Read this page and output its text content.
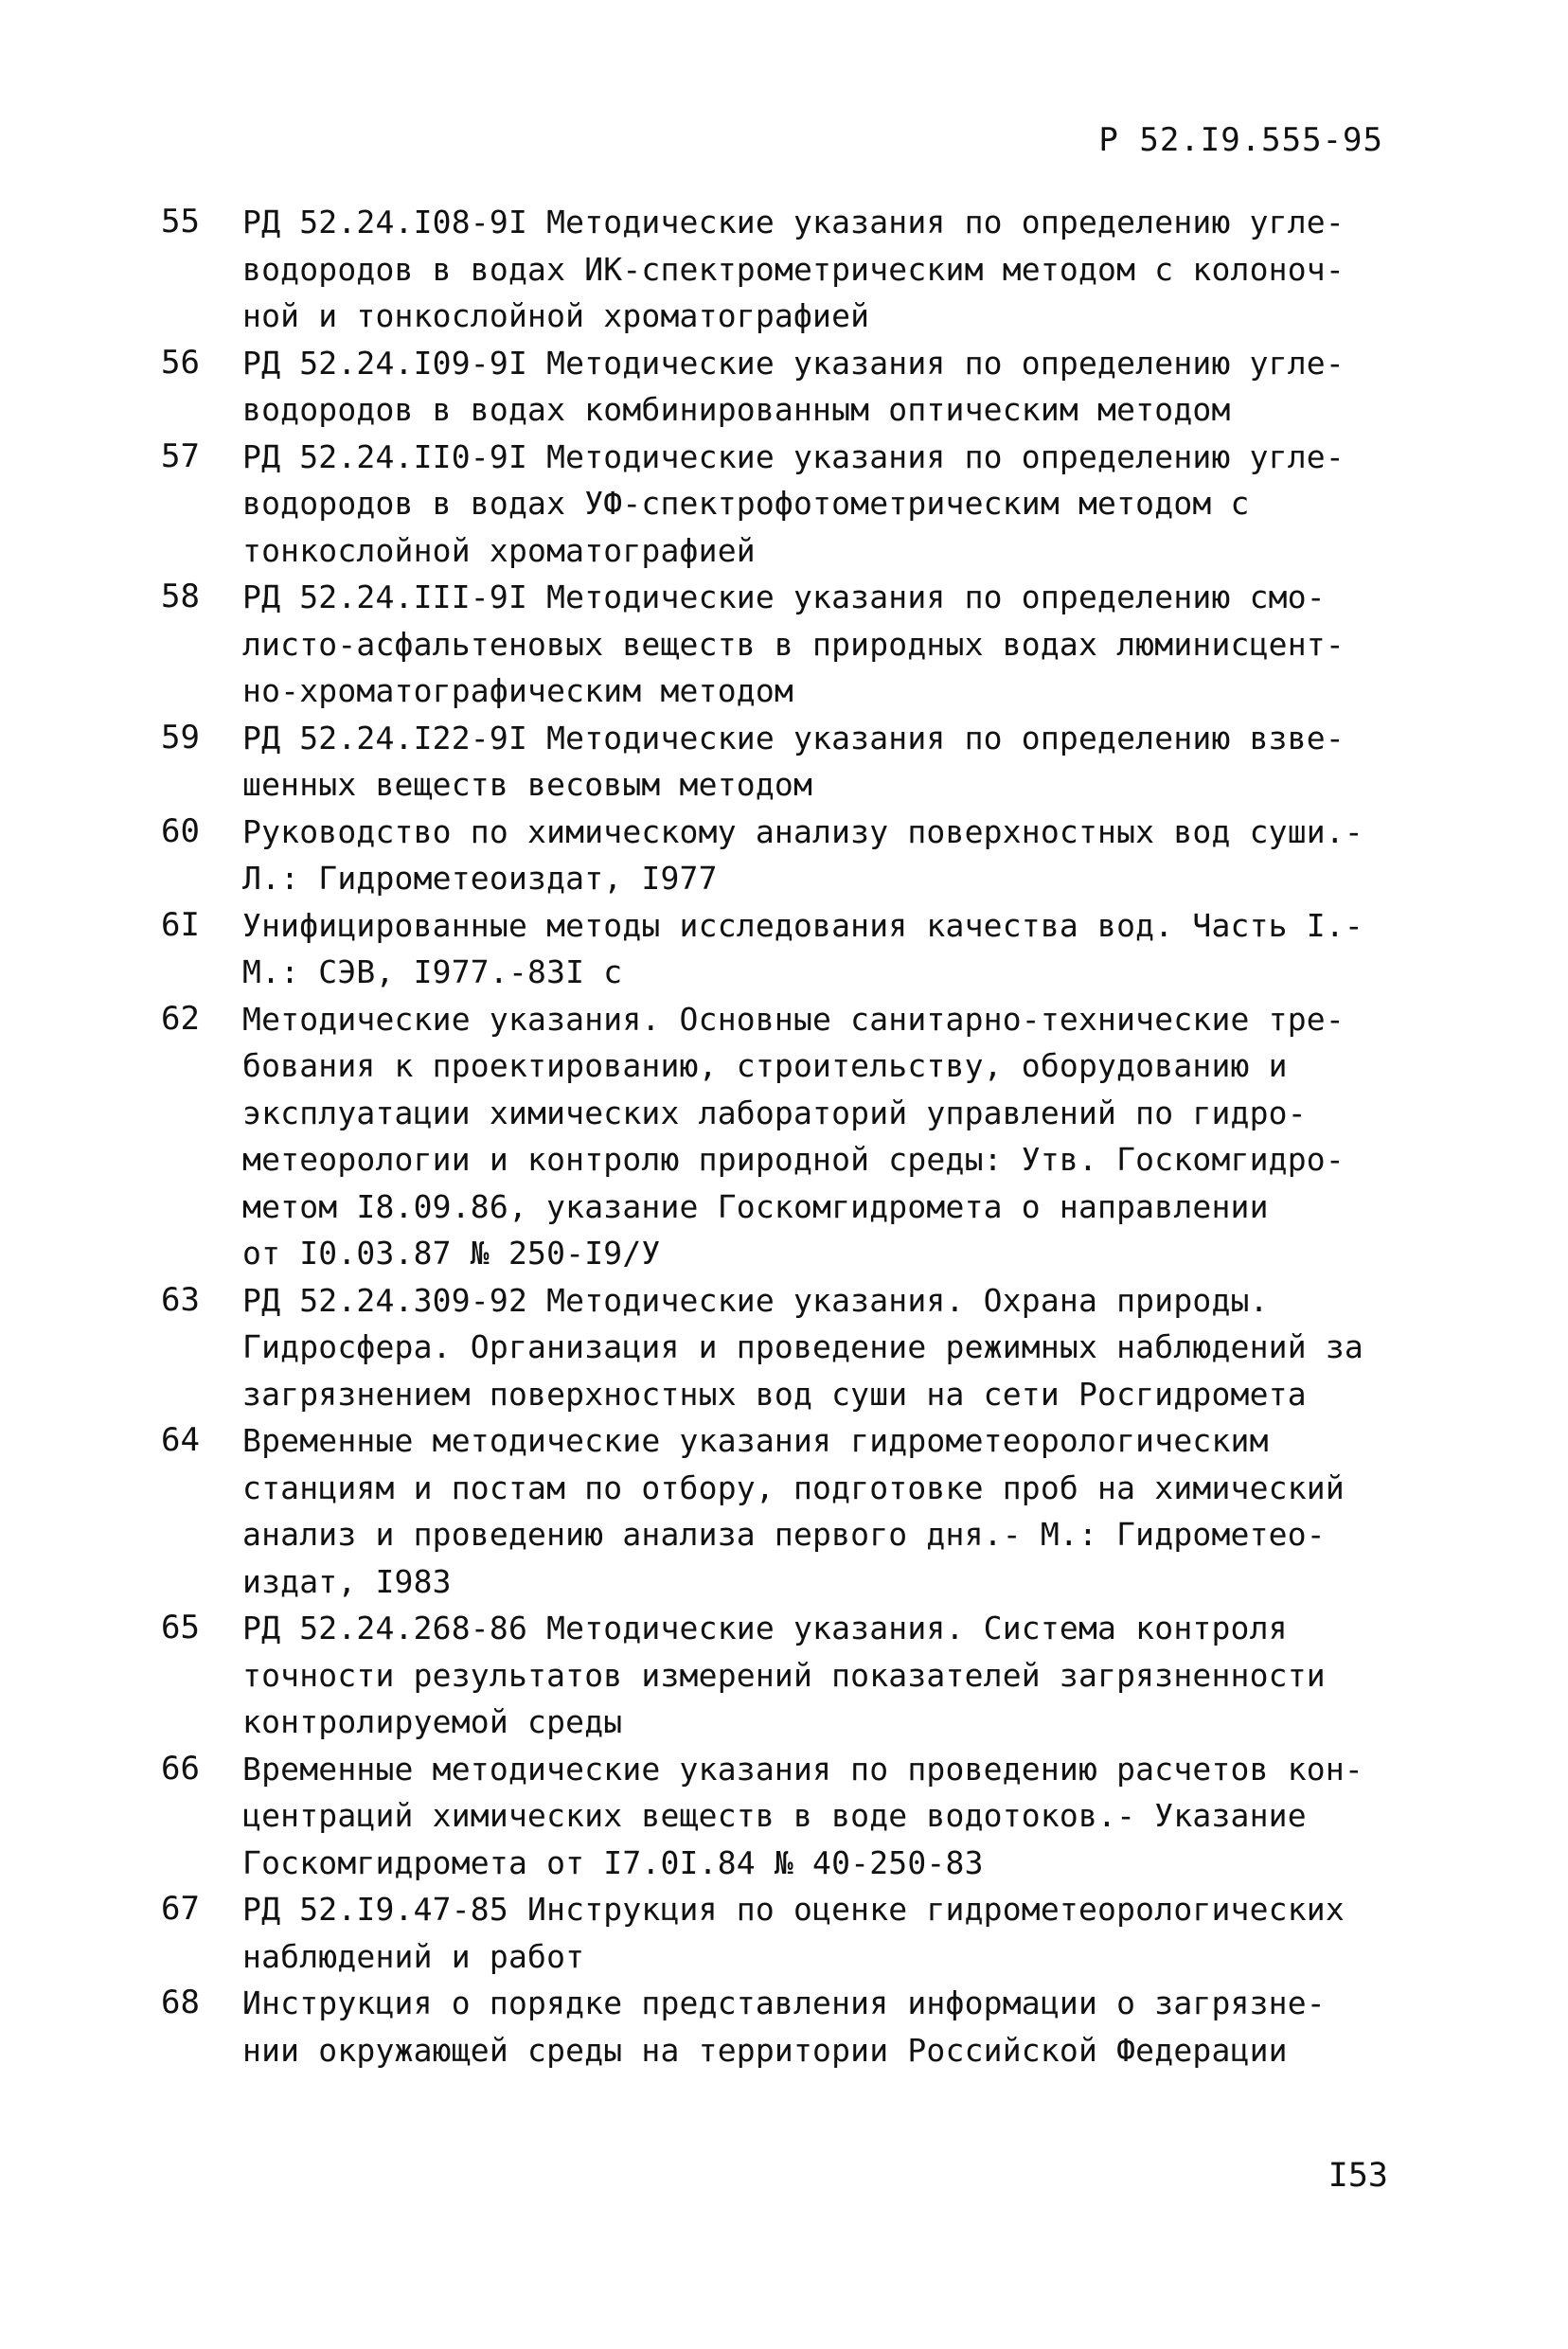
Р 52.I9.555-95
55	РД 52.24.I08-9I Методические указания по определению угле-
водородов в водах ИК-спектрометрическим методом с колоноч-
ной и тонкослойной хроматографией
56	РД 52.24.I09-9I Методические указания по определению угле-
водородов в водах комбинированным оптическим методом
57	РД 52.24.II0-9I Методические указания по определению угле-
водородов в водах УФ-спектрофотометрическим методом с
тонкослойной хроматографией
58	РД 52.24.III-9I Методические указания по определению смо-
листо-асфальтеновых веществ в природных водах люминисцент-
но-хроматографическим методом
59	РД 52.24.I22-9I Методические указания по определению взве-
шенных веществ весовым методом
60	Руководство по химическому анализу поверхностных вод суши.-
Л.: Гидрометеоиздат, I977
6I	Унифицированные методы исследования качества вод. Часть I.-
М.: СЭВ, I977.-83I с
62	Методические указания. Основные санитарно-технические тре-
бования к проектированию, строительству, оборудованию и
эксплуатации химических лабораторий управлений по гидро-
метеорологии и контролю природной среды: Утв. Госкомгидро-
метом I8.09.86, указание Госкомгидромета о направлении
от I0.03.87 № 250-I9/У
63	РД 52.24.309-92 Методические указания. Охрана природы.
Гидросфера. Организация и проведение режимных наблюдений за
загрязнением поверхностных вод суши на сети Росгидромета
64	Временные методические указания гидрометеорологическим
станциям и постам по отбору, подготовке проб на химический
анализ и проведению анализа первого дня.- М.: Гидрометео-
издат, I983
65	РД 52.24.268-86 Методические указания. Система контроля
точности результатов измерений показателей загрязненности
контролируемой среды
66	Временные методические указания по проведению расчетов кон-
центраций химических веществ в воде водотоков.- Указание
Госкомгидромета от I7.0I.84 № 40-250-83
67	РД 52.I9.47-85 Инструкция по оценке гидрометеорологических
наблюдений и работ
68	Инструкция о порядке представления информации о загрязне-
нии окружающей среды на территории Российской Федерации
I53
